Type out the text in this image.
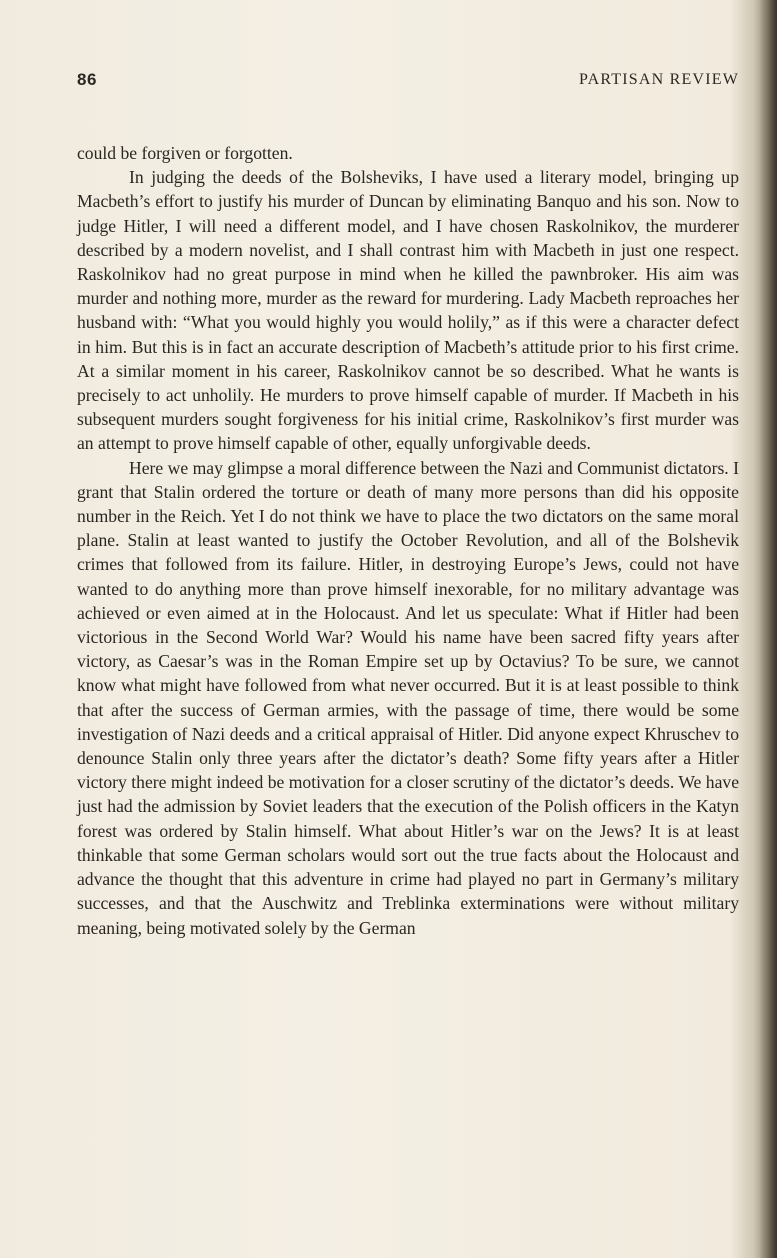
86	PARTISAN REVIEW

could be forgiven or forgotten.

In judging the deeds of the Bolsheviks, I have used a literary model, bringing up Macbeth’s effort to justify his murder of Duncan by eliminating Banquo and his son. Now to judge Hitler, I will need a different model, and I have chosen Raskolnikov, the murderer described by a modern novelist, and I shall contrast him with Macbeth in just one respect. Raskolnikov had no great purpose in mind when he killed the pawnbroker. His aim was murder and nothing more, murder as the reward for murdering. Lady Macbeth reproaches her husband with: “What you would highly you would holily,” as if this were a character defect in him. But this is in fact an accurate description of Macbeth’s attitude prior to his first crime. At a similar moment in his career, Raskolnikov cannot be so described. What he wants is precisely to act unholily. He murders to prove himself capable of murder. If Macbeth in his subsequent murders sought forgiveness for his initial crime, Raskolnikov’s first murder was an attempt to prove himself capable of other, equally unforgivable deeds.

Here we may glimpse a moral difference between the Nazi and Communist dictators. I grant that Stalin ordered the torture or death of many more persons than did his opposite number in the Reich. Yet I do not think we have to place the two dictators on the same moral plane. Stalin at least wanted to justify the October Revolution, and all of the Bolshevik crimes that followed from its failure. Hitler, in destroying Europe’s Jews, could not have wanted to do anything more than prove himself inexorable, for no military advantage was achieved or even aimed at in the Holocaust. And let us speculate: What if Hitler had been victorious in the Second World War? Would his name have been sacred fifty years after victory, as Caesar’s was in the Roman Empire set up by Octavius? To be sure, we cannot know what might have followed from what never occurred. But it is at least possible to think that after the success of German armies, with the passage of time, there would be some investigation of Nazi deeds and a critical appraisal of Hitler. Did anyone expect Khruschev to denounce Stalin only three years after the dictator’s death? Some fifty years after a Hitler victory there might indeed be motivation for a closer scrutiny of the dictator’s deeds. We have just had the admission by Soviet leaders that the execution of the Polish officers in the Katyn forest was ordered by Stalin himself. What about Hitler’s war on the Jews? It is at least thinkable that some German scholars would sort out the true facts about the Holocaust and advance the thought that this adventure in crime had played no part in Germany’s military successes, and that the Auschwitz and Treblinka exterminations were without military meaning, being motivated solely by the German
